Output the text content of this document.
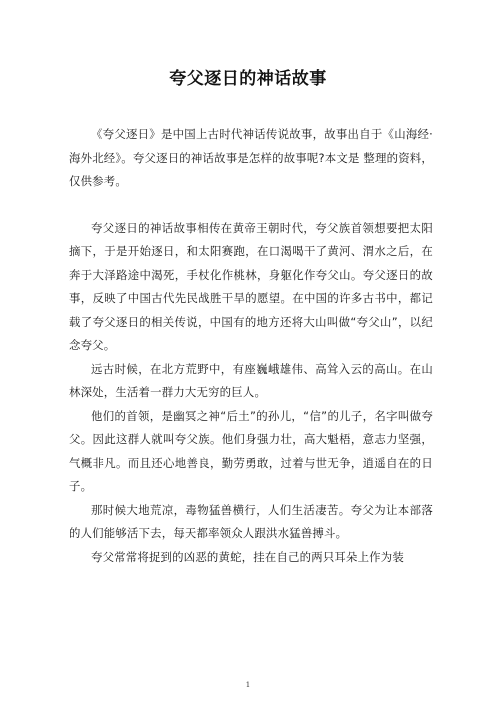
夸父逐日的神话故事

《夸父逐日》是中国上古时代神话传说故事，故事出自于《山海经·海外北经》。夸父逐日的神话故事是怎样的故事呢?本文是 整理的资料，仅供参考。

夸父逐日的神话故事相传在黄帝王朝时代，夸父族首领想要把太阳摘下，于是开始逐日，和太阳赛跑，在口渴喝干了黄河、渭水之后，在奔于大泽路途中渴死，手杖化作桃林，身躯化作夸父山。夸父逐日的故事，反映了中国古代先民战胜干旱的愿望。在中国的许多古书中，都记载了夸父逐日的相关传说，中国有的地方还将大山叫做“夸父山”，以纪念夸父。

远古时候，在北方荒野中，有座巍峨雄伟、高耸入云的高山。在山林深处，生活着一群力大无穷的巨人。

他们的首领，是幽冥之神“后土”的孙儿，“信”的儿子，名字叫做夸父。因此这群人就叫夸父族。他们身强力壮，高大魁梧，意志力坚强，气概非凡。而且还心地善良，勤劳勇敢，过着与世无争，逍遥自在的日子。

那时候大地荒凉，毒物猛兽横行，人们生活凄苦。夸父为让本部落的人们能够活下去，每天都率领众人跟洪水猛兽搏斗。

夸父常常将捉到的凶恶的黄蛇，挂在自己的两只耳朵上作为装

1
